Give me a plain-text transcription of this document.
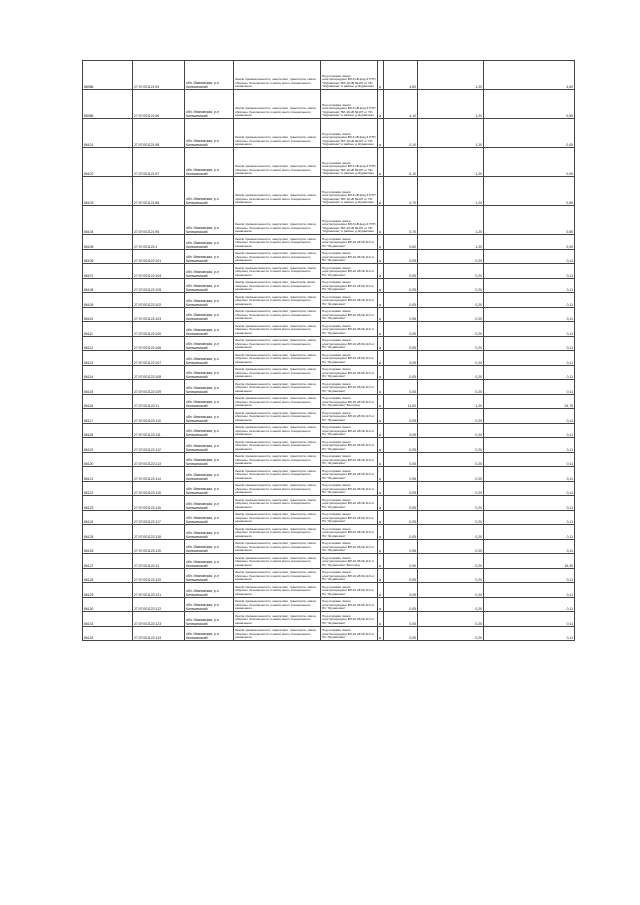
86086	27:07:001121:94	обл. Ивановская, р-н Кинешемский	Земли промышленности, энергетики, транспорта, связи, обороны, безопасности и земли иного специального назначения	Под опорами линии электропередачи ВЛ-6 кВ фид.4 ПТП "Журавлево" ВЛ-10 кВ №107 от ПС "Журавлево" в районе д.Журавлево	а	4,60	1,20	4,60
86086	27:07:001121:96	обл. Ивановская, р-н Кинешемский	Земли промышленности, энергетики, транспорта, связи, обороны, безопасности и земли иного специального назначения	Под опорами линии электропередачи ВЛ-6 кВ фид.4 ПТП "Журавлево" ВЛ-10 кВ №107 от ПС "Журавлево" в районе д.Журавлево	а	4,10	1,20	0,55
86101	27:07:001121:98	обл. Ивановская, р-н Кинешемский	Земли промышленности, энергетики, транспорта, связи, обороны, безопасности и земли иного специального назначения	Под опорами линии электропередачи ВЛ-6 кВ фид.4 ПТП "Журавлево" ВЛ-10 кВ №107 от ПС "Журавлево" в районе д.Журавлево	а	0,10	1,20	0,05
86102	27:07:001121:97	обл. Ивановская, р-н Кинешемский	Земли промышленности, энергетики, транспорта, связи, обороны, безопасности и земли иного специального назначения	Под опорами линии электропередачи ВЛ-6 кВ фид.4 ПТП "Журавлево" ВЛ-10 кВ №107 от ПС "Журавлево" в районе д.Журавлево	а	0,10	1,20	0,05
86103	27:07:001121:86	обл. Ивановская, р-н Кинешемский	Земли промышленности, энергетики, транспорта, связи, обороны, безопасности и земли иного специального назначения	Под опорами линии электропередачи ВЛ-6 кВ фид.4 ПТП "Журавлево" ВЛ-10 кВ №107 от ПС "Журавлево" в районе д.Журавлево	а	0,70	1,20	0,85
86104	27:07:001121:95	обл. Ивановская, р-н Кинешемский	Земли промышленности, энергетики, транспорта, связи, обороны, безопасности и земли иного специального назначения	Под опорами линии электропередачи ВЛ-6 кВ фид.4 ПТП "Журавлево" ВЛ-10 кВ №107 от ПС "Журавлево" в районе д.Журавлево	а	0,70	1,20	0,85
86105	27:07:001122:1	обл. Ивановская, р-н Кинешемский	Земли промышленности, энергетики, транспорта, связи, обороны, безопасности и земли иного специального назначения	Под опорами линии электропередачи ВЛ-10 кВ № 113 от ПС "Журавлево"	а	0,60	1,20	0,05
86106	27:07:001122:101	обл. Ивановская, р-н Кинешемский	Земли промышленности, энергетики, транспорта, связи, обороны, безопасности и земли иного специального назначения	Под опорами линии электропередачи ВЛ-10 кВ № 113 от ПС "Журавлево"	а	0,05	0,20	0,11
86107	27:07:001122:104	обл. Ивановская, р-н Кинешемский	Земли промышленности, энергетики, транспорта, связи, обороны, безопасности и земли иного специального назначения	Под опорами линии электропередачи ВЛ-10 кВ № 113 от ПС "Журавлево"	а	0,05	0,20	0,11
86108	27:07:001122:105	обл. Ивановская, р-н Кинешемский	Земли промышленности, энергетики, транспорta, связи, обороны, безопасности и земли иного специального назначения	Под опорами линии электропередачи ВЛ-10 кВ № 113 от ПС "Журавлево"	а	0,05	0,20	0,11
86109	27:07:001122:102	обл. Ивановская, р-н Кинешемский	Земли промышленности, энергетики, транспорта, связи, обороны, безопасности и земли иного специального назначения	Под опорами линии электропередачи ВЛ-10 кВ № 113 от ПС "Журавлево"	а	0,05	0,20	0,11
86110	27:07:001122:103	обл. Ивановская, р-н Кинешемский	Земли промышленности, энергетики, транспорта, связи, обороны, безопасности и земли иного специального назначения	Под опорами линии электропередачи ВЛ-10 кВ № 113 от ПС "Журавлево"	а	0,05	0,20	0,11
86111	27:07:001122:100	обл. Ивановская, р-н Кинешемский	Земли промышленности, энергетики, транспорта, связи, обороны, безопасности и земли иного специального назначения	Под опорами линии электропередачи ВЛ-10 кВ № 113 от ПС "Журавлево"	а	0,05	0,20	0,11
86112	27:07:001122:106	обл. Ивановская, р-н Кинешемский	Земли промышленности, энергетики, транспорта, связи, обороны, безопасности и земли иного специального назначения	Под опорами линии электропередачи ВЛ-10 кВ № 113 от ПС "Журавлево"	а	0,05	0,20	0,11
86113	27:07:001122:107	обл. Ивановская, р-н Кинешемский	Земли промышленности, энергетики, транспорта, связи, обороны, безопасности и земли иного специального назначения	Под опорами линии электропередачи ВЛ-10 кВ № 113 от ПС "Журавлево"	а	0,05	0,20	0,11
86114	27:07:001122:108	обл. Ивановская, р-н Кинешемский	Земли промышленности, энергетики, транспорта, связи, обороны, безопасности и земли иного специального назначения	Под опорами линии электропередачи ВЛ-10 кВ № 113 от ПС "Журавлево"	а	0,05	0,20	0,11
86115	27:07:001122:109	обл. Ивановская, р-н Кинешемский	Земли промышленности, энергетики, транспорта, связи, обороны, безопасности и земли иного специального назначения	Под опорами линии электропередачи ВЛ-10 кВ № 113 от ПС "Журавлево"	а	0,05	0,20	0,11
86116	27:07:001122:11	обл. Ивановская, р-н Кинешемский	Земли промышленности, энергетики, транспорта, связи, обороны, безопасности и земли иного специального назначения	Под опорами линии электропередачи ВЛ-10 кВ № 113 от ПС "Журавлево" Белгород	а	11,00	1,20	24,75
86117	27:07:001122:110	обл. Ивановская, р-н Кинешемский	Земли промышленности, энергетики, транспорта, связи, обороны, безопасности и земли иного специального назначения	Под опорами линии электропередачи ВЛ-10 кВ № 113 от ПС "Журавлево"	а	0,05	0,20	0,11
86118	27:07:001122:111	обл. Ивановская, р-н Кинешемский	Земли промышленности, энергетики, транспорта, связи, обороны, безопасности и земли иного специального назначения	Под опорами линии электропередачи ВЛ-10 кВ № 113 от ПС "Журавлево"	а	0,05	0,20	0,11
86119	27:07:001122:112	обл. Ивановская, р-н Кинешемский	Земли промышленности, энергетики, транспорта, связи, обороны, безопасности и земли иного специального назначения	Под опорами линии электропередачи ВЛ-10 кВ № 113 от ПС "Журавлево"	а	0,05	0,20	0,11
86120	27:07:001122:113	обл. Ивановская, р-н Кинешемский	Земли промышленности, энергетики, транспорта, связи, обороны, безопасности и земли иного специального назначения	Под опорами линии электропередачи ВЛ-10 кВ № 113 от ПС "Журавлево"	а	0,05	0,20	0,11
86121	27:07:001122:114	обл. Ивановская, р-н Кинешемский	Земли промышленности, энергетики, транспорта, связи, обороны, безопасности и земли иного специального назначения	Под опорами линии электропередачи ВЛ-10 кВ № 113 от ПС "Журавлево"	а	0,05	0,20	0,11
86122	27:07:001122:115	обл. Ивановская, р-н Кинешемский	Земли промышленности, энергетики, транспорта, связи, обороны, безопасности и земли иного специального назначения	Под опорами линии электропередачи ВЛ-10 кВ № 113 от ПС "Журавлево"	а	0,05	0,20	0,11
86123	27:07:001122:116	обл. Ивановская, р-н Кинешемский	Земли промышленности, энергетики, транспорта, связи, обороны, безопасности и земли иного специального назначения	Под опорами линии электропередачи ВЛ-10 кВ № 113 от ПС "Журавлево"	а	0,05	0,20	0,11
86124	27:07:001122:117	обл. Ивановская, р-н Кинешемский	Земли промышленности, энергетики, транспорта, связи, обороны, безопасности и земли иного специального назначения	Под опорами линии электропередачи ВЛ-10 кВ № 113 от ПС "Журавлево"	а	0,05	0,20	0,11
86125	27:07:001122:118	обл. Ивановская, р-н Кинешемский	Земли промышленности, энергетики, транспорта, связи, обороны, безопасности и земли иного специального назначения	Под опорами линии электропередачи ВЛ-10 кВ № 113 от ПС "Журавлево"	а	0,05	0,20	0,11
86126	27:07:001122:119	обл. Ивановская, р-н Кинешемский	Земли промышленности, энергетики, транспорта, связи, обороны, безопасности и земли иного специального назначения	Под опорами линии электропередачи ВЛ-10 кВ № 113 от ПС "Журавлево"	а	0,05	0,20	0,11
86127	27:07:001122:12	обл. Ивановская, р-н Кинешемский	Земли промышленности, энергетики, транспорта, связи, обороны, безопасности и земли иного специального назначения	Под опорами линии электропередачи ВЛ-10 кВ № 113 от ПС "Журавлево" Белгород	а	0,90	0,20	15,30
86128	27:07:001122:120	обл. Ивановская, р-н Кинешемский	Земли промышленности, энергетики, транспорта, связи, обороны, безопасности и земли иного специального назначения	Под опорами линии электропередачи ВЛ-10 кВ № 113 от ПС "Журавлево"	а	0,05	0,20	0,11
86129	27:07:001122:121	обл. Ивановская, р-н Кинешемский	Земли промышленности, энергетики, транспорта, связи, обороны, безопасности и земли иного специального назначения	Под опорами линии электропередачи ВЛ-10 кВ № 113 от ПС "Журавлево"	а	0,05	0,20	0,11
86130	27:07:001122:122	обл. Ивановская, р-н Кинешемский	Земли промышленности, энергетики, транспорта, связи, обороны, безопасности и земли иного специального назначения	Под опорами линии электропередачи ВЛ-10 кВ № 113 от ПС "Журавлево"	а	0,05	0,20	0,11
86131	27:07:001122:123	обл. Ивановская, р-н Кинешемский	Земли промышленности, энергетики, транспорта, связи, обороны, безопасности и земли иного специального назначения	Под опорами линии электропередачи ВЛ-10 кВ № 113 от ПС "Журавлево"	а	0,05	0,20	0,11
86132	27:07:001122:124	обл. Ивановская, р-н Кинешемский	Земли промышленности, энергетики, транспорта, связи, обороны, безопасности и земли иного специального назначения	Под опорами линии электропередачи ВЛ-10 кВ № 113 от ПС "Журавлево"	а	0,05	0,20	0,11
